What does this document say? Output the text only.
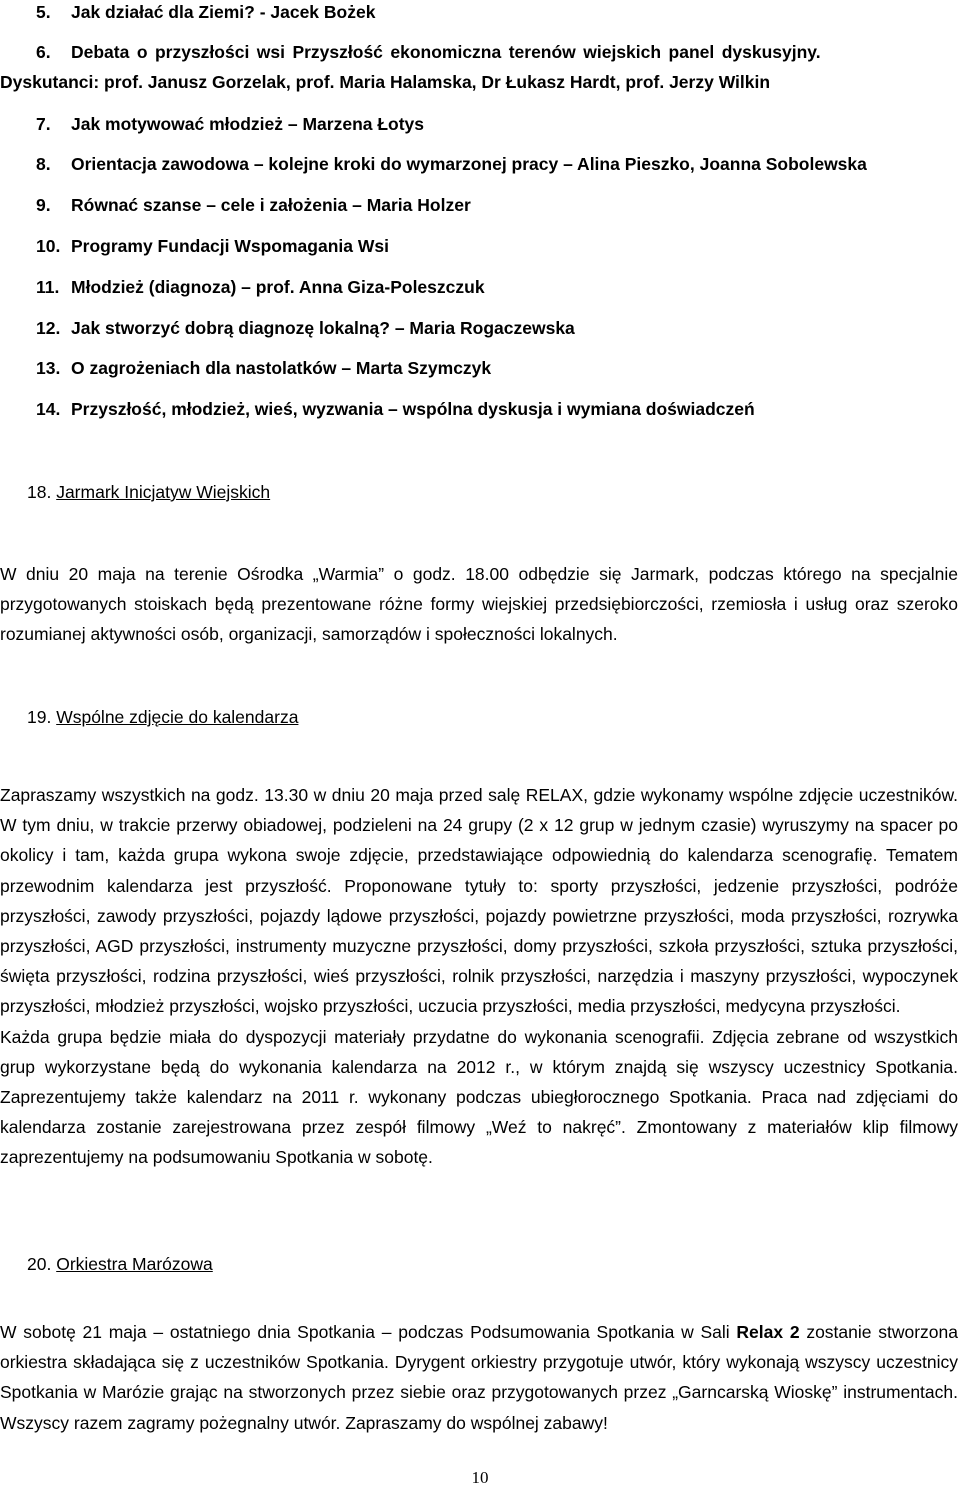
5. Jak działać dla Ziemi? - Jacek Bożek
6. Debata o przyszłości wsi Przyszłość ekonomiczna terenów wiejskich panel dyskusyjny.
Dyskutanci: prof. Janusz Gorzelak, prof. Maria Halamska, Dr Łukasz Hardt, prof. Jerzy Wilkin
7. Jak motywować młodzież – Marzena Łotys
8. Orientacja zawodowa – kolejne kroki do wymarzonej pracy – Alina Pieszko, Joanna Sobolewska
9. Równać szanse – cele i założenia – Maria Holzer
10. Programy Fundacji Wspomagania Wsi
11. Młodzież (diagnoza) – prof. Anna Giza-Poleszczuk
12. Jak stworzyć dobrą diagnozę lokalną? – Maria Rogaczewska
13. O zagrożeniach dla nastolatków – Marta Szymczyk
14. Przyszłość, młodzież, wieś, wyzwania – wspólna dyskusja i wymiana doświadczeń
18. Jarmark Inicjatyw Wiejskich

W dniu 20 maja na terenie Ośrodka „Warmia” o godz. 18.00 odbędzie się Jarmark, podczas którego na specjalnie przygotowanych stoiskach będą prezentowane różne formy wiejskiej przedsiębiorczości, rzemiosła i usług oraz szeroko rozumianej aktywności osób, organizacji, samorządów i społeczności lokalnych.

19. Wspólne zdjęcie do kalendarza

Zapraszamy wszystkich na godz. 13.30 w dniu 20 maja przed salę RELAX, gdzie wykonamy wspólne zdjęcie uczestników. W tym dniu, w trakcie przerwy obiadowej, podzieleni na 24 grupy (2 x 12 grup w jednym czasie) wyruszymy na spacer po okolicy i tam, każda grupa wykona swoje zdjęcie, przedstawiające odpowiednią do kalendarza scenografię. Tematem przewodnim kalendarza jest przyszłość. Proponowane tytuły to: sporty przyszłości, jedzenie przyszłości, podróże przyszłości, zawody przyszłości, pojazdy lądowe przyszłości, pojazdy powietrzne przyszłości, moda przyszłości, rozrywka przyszłości, AGD przyszłości, instrumenty muzyczne przyszłości, domy przyszłości, szkoła przyszłości, sztuka przyszłości, święta przyszłości, rodzina przyszłości, wieś przyszłości, rolnik przyszłości, narzędzia i maszyny przyszłości, wypoczynek przyszłości, młodzież przyszłości, wojsko przyszłości, uczucia przyszłości, media przyszłości, medycyna przyszłości.

Każda grupa będzie miała do dyspozycji materiały przydatne do wykonania scenografii. Zdjęcia zebrane od wszystkich grup wykorzystane będą do wykonania kalendarza na 2012 r., w którym znajdą się wszyscy uczestnicy Spotkania. Zaprezentujemy także kalendarz na 2011 r. wykonany podczas ubiegłorocznego Spotkania. Praca nad zdjęciami do kalendarza zostanie zarejestrowana przez zespół filmowy „Weź to nakręć”. Zmontowany z materiałów klip filmowy zaprezentujemy na podsumowaniu Spotkania w sobotę.

20. Orkiestra Marózowa

W sobotę 21 maja – ostatniego dnia Spotkania – podczas Podsumowania Spotkania w Sali Relax 2 zostanie stworzona orkiestra składająca się z uczestników Spotkania. Dyrygent orkiestry przygotuje utwór, który wykonają wszyscy uczestnicy Spotkania w Marózie grając na stworzonych przez siebie oraz przygotowanych przez „Garncarską Wioskę” instrumentach. Wszyscy razem zagramy pożegnalny utwór. Zapraszamy do wspólnej zabawy!

10
